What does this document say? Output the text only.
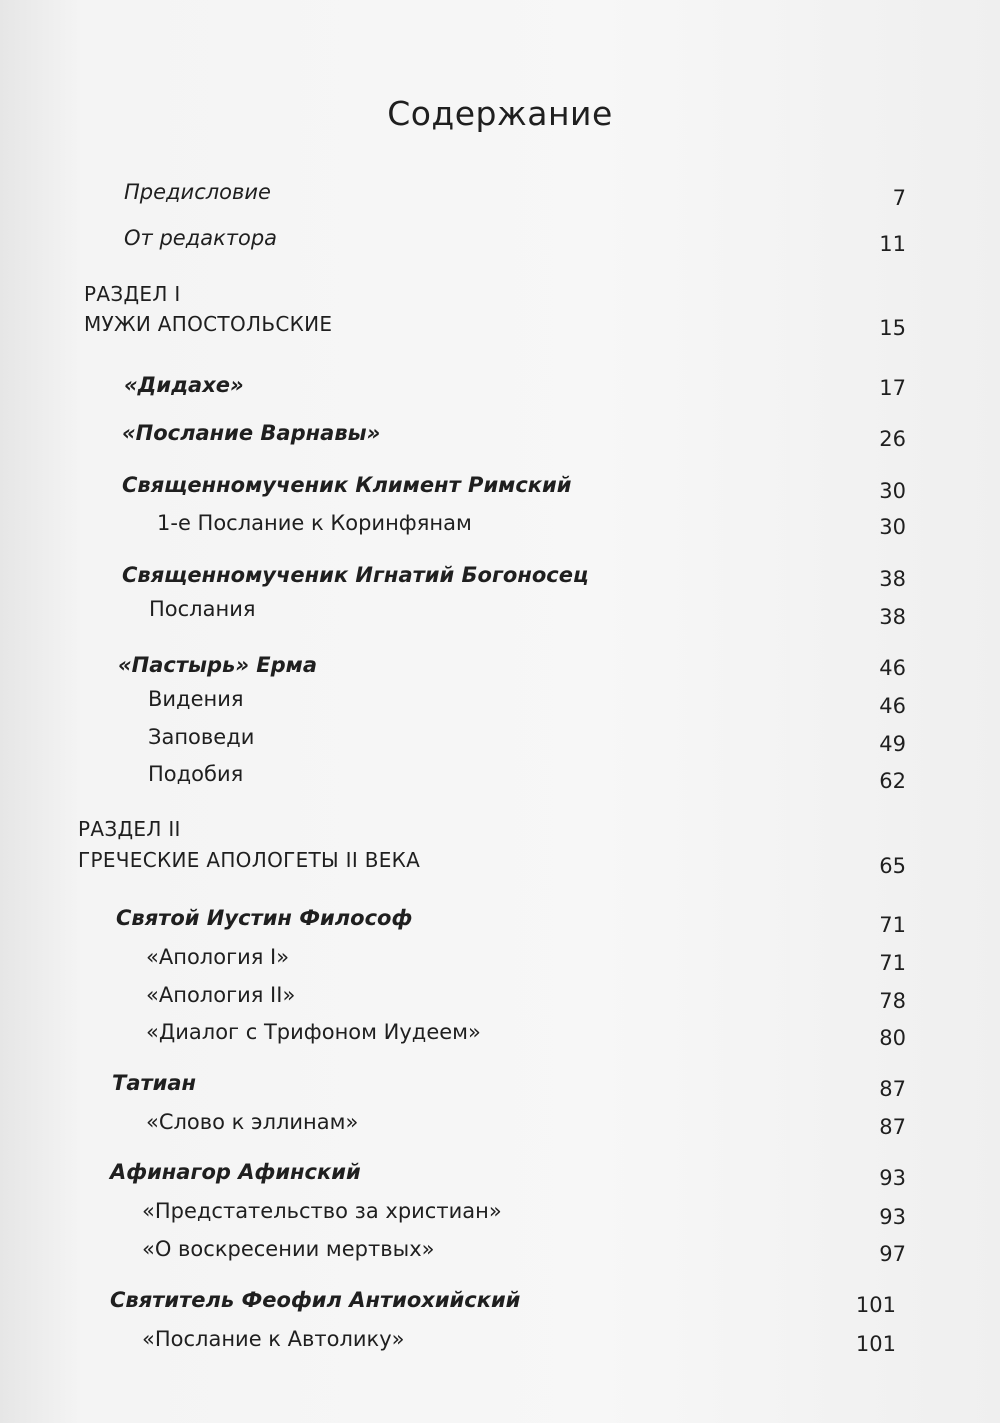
Содержание
Предисловие	7
От редактора	11
РАЗДЕЛ I
МУЖИ АПОСТОЛЬСКИЕ	15
«Дидахе»	17
«Послание Варнавы»	26
Священномученик Климент Римский	30
1-е Послание к Коринфянам	30
Священномученик Игнатий Богоносец	38
Послания	38
«Пастырь» Ерма	46
Видения	46
Заповеди	49
Подобия	62
РАЗДЕЛ II
ГРЕЧЕСКИЕ АПОЛОГЕТЫ II ВЕКА	65
Святой Иустин Философ	71
«Апология I»	71
«Апология II»	78
«Диалог с Трифоном Иудеем»	80
Татиан	87
«Слово к эллинам»	87
Афинагор Афинский	93
«Предстательство за христиан»	93
«О воскресении мертвых»	97
Святитель Феофил Антиохийский	101
«Послание к Автолику»	101
